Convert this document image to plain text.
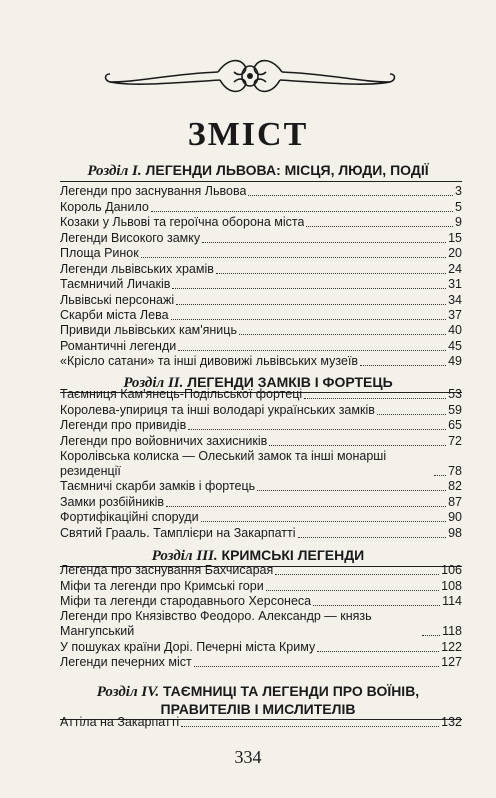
ЗМІСТ
Розділ І. ЛЕГЕНДИ ЛЬВОВА: МІСЦЯ, ЛЮДИ, ПОДІЇ
Легенди про заснування Львова	3
Король Данило	5
Козаки у Львові та героїчна оборона міста	9
Легенди Високого замку	15
Площа Ринок	20
Легенди львівських храмів	24
Таємничий Личаків	31
Львівські персонажі	34
Скарби міста Лева	37
Привиди львівських кам'яниць	40
Романтичні легенди	45
«Крісло сатани» та інші дивовижі львівських музеїв	49
Розділ II. ЛЕГЕНДИ ЗАМКІВ І ФОРТЕЦЬ
Таємниця Кам'янець-Подільської фортеці	53
Королева-упириця та інші володарі українських замків	59
Легенди про привидів	65
Легенди про войовничих захисників	72
Королівська колиска — Олеський замок та інші монарші резиденції	78
Таємничі скарби замків і фортець	82
Замки розбійників	87
Фортифікаційні споруди	90
Святий Грааль. Тамплієри на Закарпатті	98
Розділ III. КРИМСЬКІ ЛЕГЕНДИ
Легенда про заснування Бахчисарая	106
Міфи та легенди про Кримські гори	108
Міфи та легенди стародавнього Херсонеса	114
Легенди про Князівство Феодоро. Александр — князь Мангупський	118
У пошуках країни Дорі. Печерні міста Криму	122
Легенди печерних міст	127
Розділ IV. ТАЄМНИЦІ ТА ЛЕГЕНДИ ПРО ВОЇНІВ,
ПРАВИТЕЛІВ І МИСЛИТЕЛІВ
Аттіла на Закарпатті	132
334
